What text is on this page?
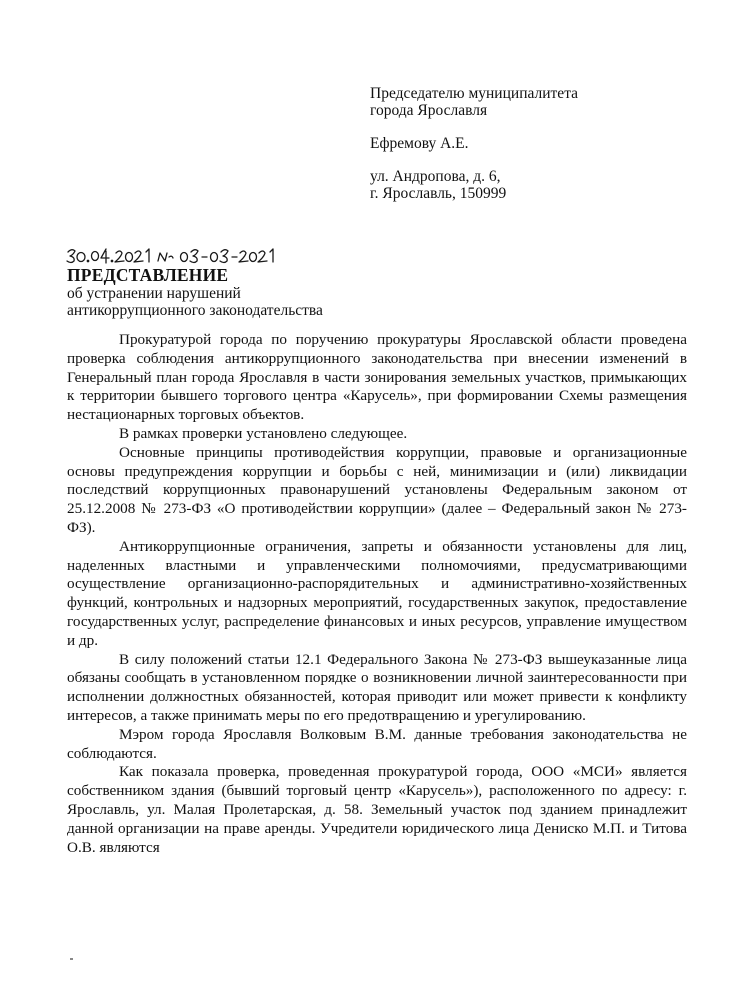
Председателю муниципалитета

города Ярославля

Ефремову А.Е.

ул. Андропова, д. 6,

г. Ярославль, 150999

ПРЕДСТАВЛЕНИЕ
об устранении нарушений
антикоррупционного законодательства

Прокуратурой города по поручению прокуратуры Ярославской области проведена проверка соблюдения антикоррупционного законодательства при внесении изменений в Генеральный план города Ярославля в части зонирования земельных участков, примыкающих к территории бывшего торгового центра «Карусель», при формировании Схемы размещения нестационарных торговых объектов.

В рамках проверки установлено следующее.

Основные принципы противодействия коррупции, правовые и организационные основы предупреждения коррупции и борьбы с ней, минимизации и (или) ликвидации последствий коррупционных правонарушений установлены Федеральным законом от 25.12.2008 № 273-ФЗ «О противодействии коррупции» (далее – Федеральный закон № 273-ФЗ).

Антикоррупционные ограничения, запреты и обязанности установлены для лиц, наделенных властными и управленческими полномочиями, предусматривающими осуществление организационно-распорядительных и административно-хозяйственных функций, контрольных и надзорных мероприятий, государственных закупок, предоставление государственных услуг, распределение финансовых и иных ресурсов, управление имуществом и др.

В силу положений статьи 12.1 Федерального Закона № 273-ФЗ вышеуказанные лица обязаны сообщать в установленном порядке о возникновении личной заинтересованности при исполнении должностных обязанностей, которая приводит или может привести к конфликту интересов, а также принимать меры по его предотвращению и урегулированию.

Мэром города Ярославля Волковым В.М. данные требования законодательства не соблюдаются.

Как показала проверка, проведенная прокуратурой города, ООО «МСИ» является собственником здания (бывший торговый центр «Карусель»), расположенного по адресу: г. Ярославль, ул. Малая Пролетарская, д. 58. Земельный участок под зданием принадлежит данной организации на праве аренды. Учредители юридического лица Дениско М.П. и Титова О.В. являются
